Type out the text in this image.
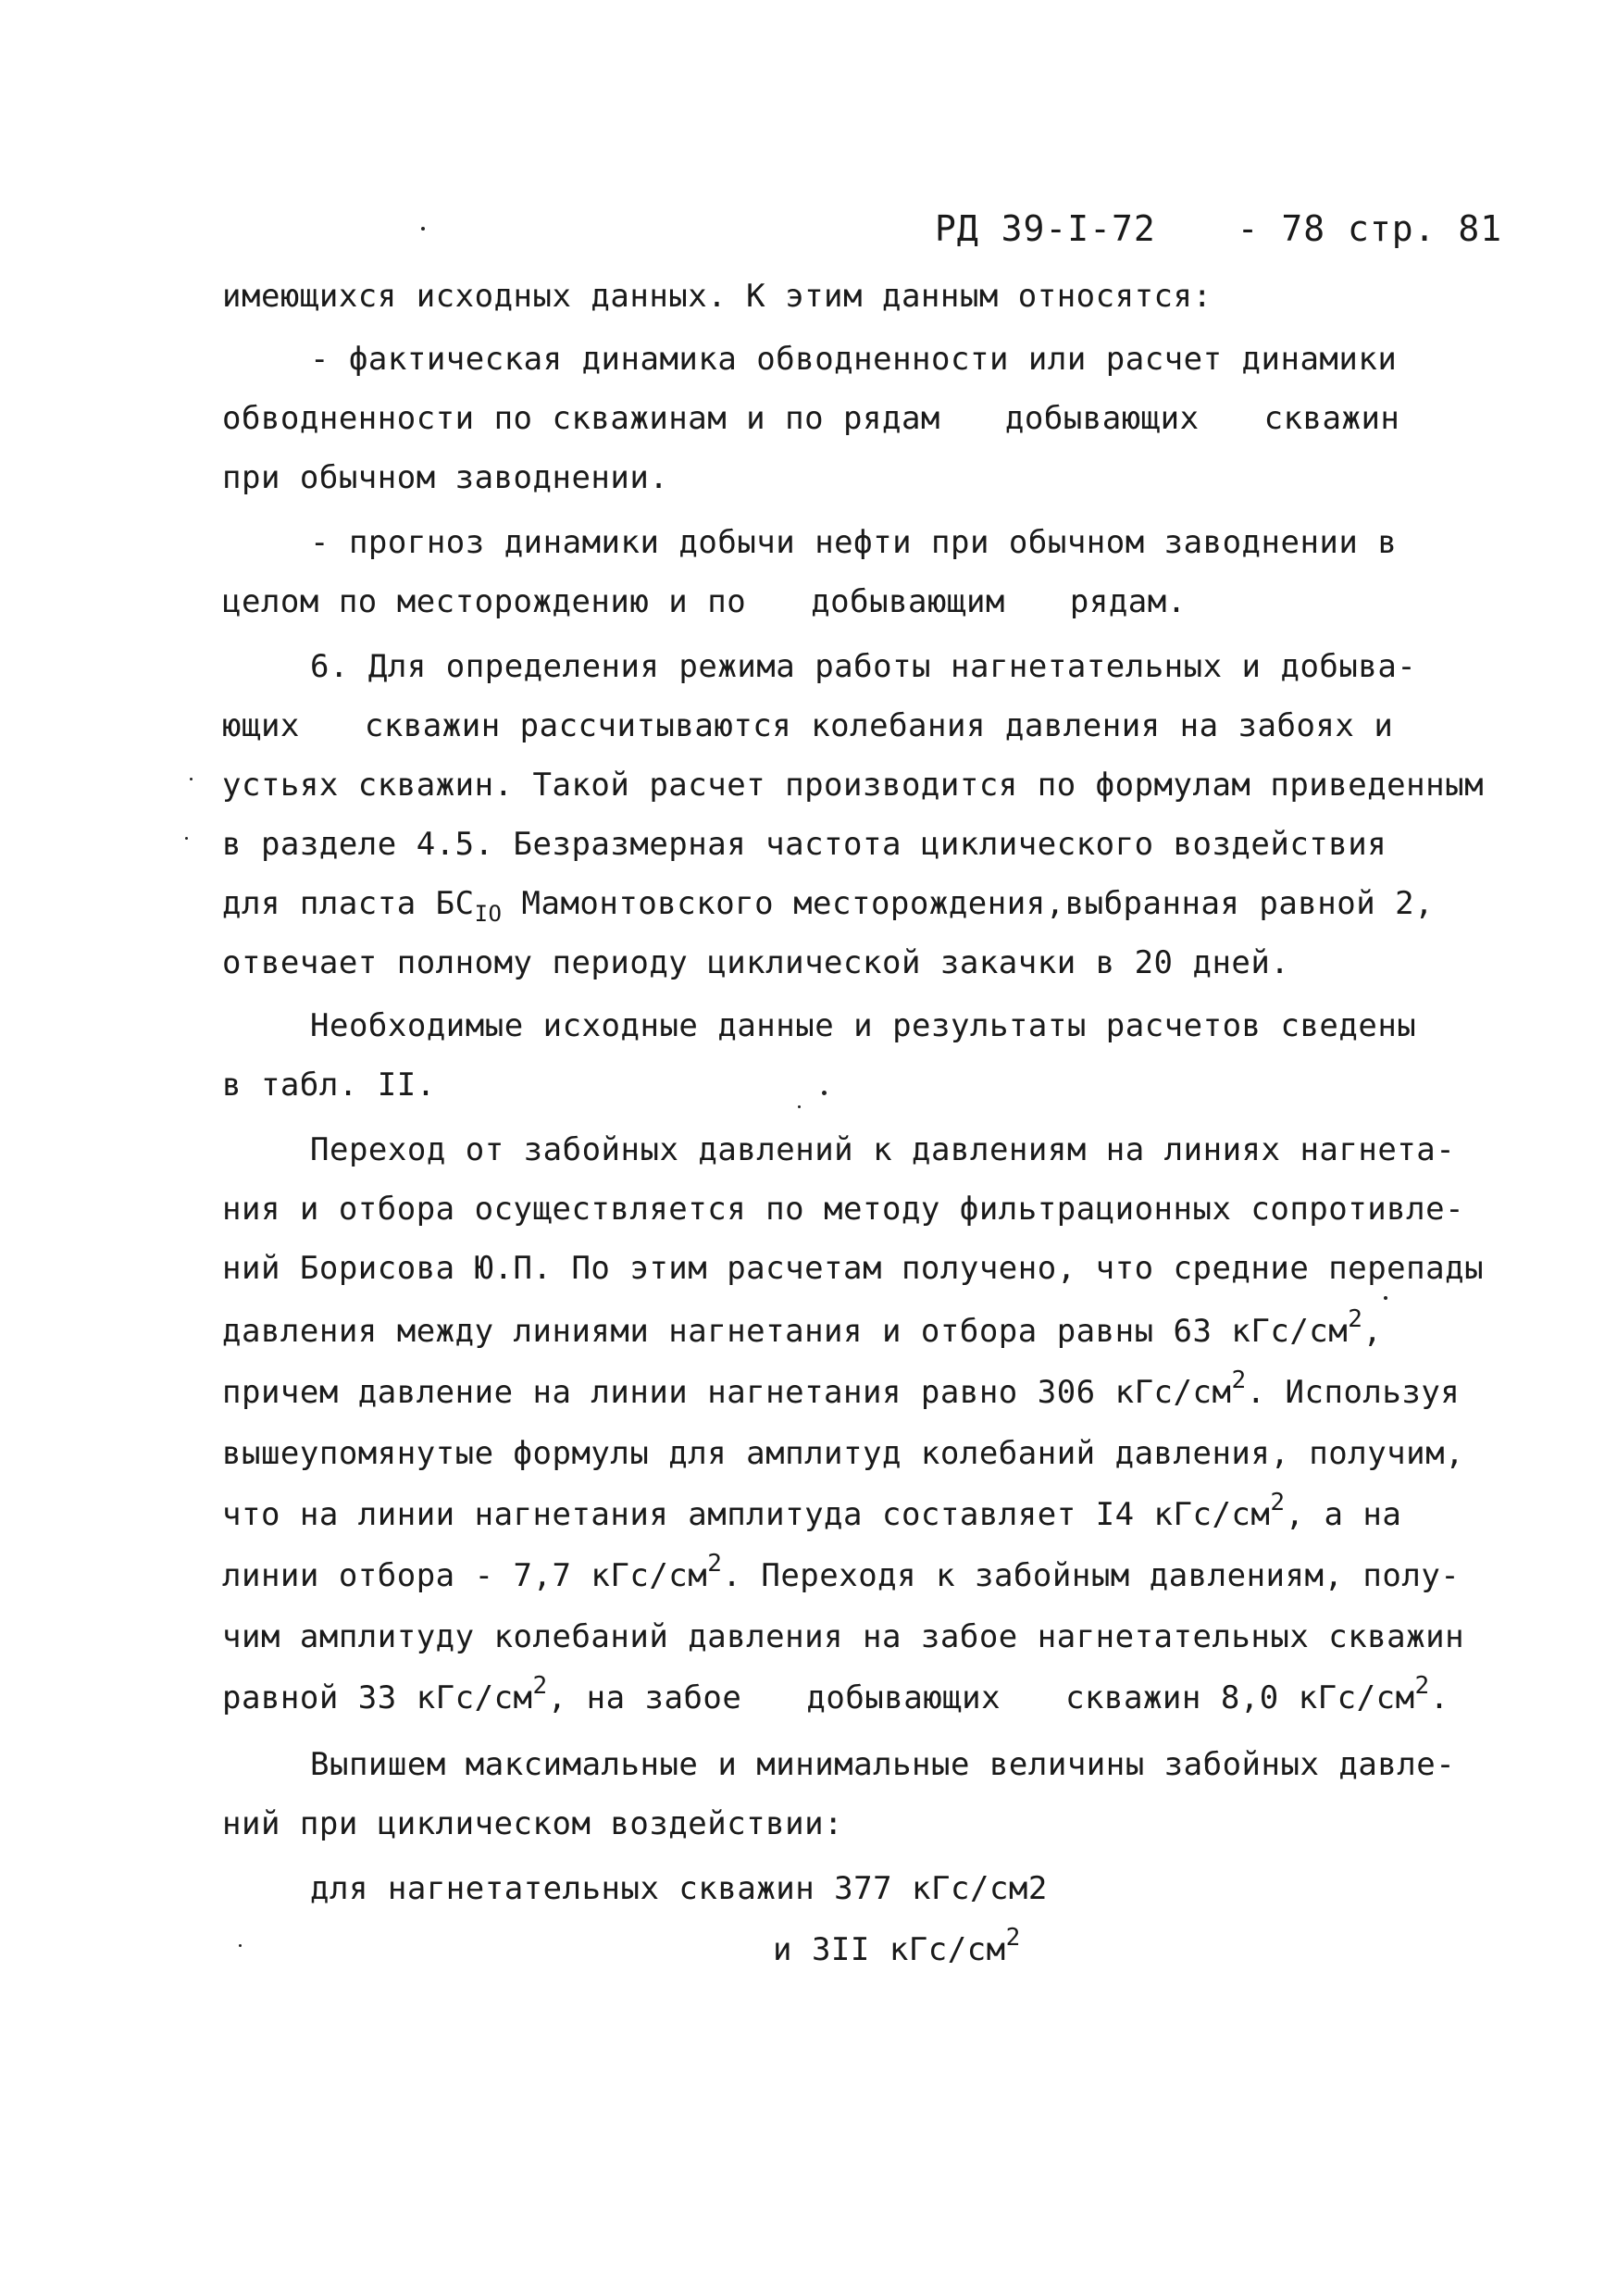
РД 39-I-72 - 78 стр. 81
имеющихся исходных данных. К этим данным относятся:
- фактическая динамика обводненности или расчет динамики
обводненности по скважинам и по рядам добывающих скважин
при обычном заводнении.
- прогноз динамики добычи нефти при обычном заводнении в
целом по месторождению и по добывающим рядам.
6. Для определения режима работы нагнетательных и добыва-
ющих скважин рассчитываются колебания давления на забоях и
устьях скважин. Такой расчет производится по формулам приведенным
в разделе 4.5. Безразмерная частота циклического воздействия
для пласта $БС_{IO}$ Мамонтовского месторождения,выбранная равной 2,
отвечает полному периоду циклической закачки в 20 дней.
Необходимые исходные данные и результаты расчетов сведены
в табл. II.
Переход от забойных давлений к давлениям на линиях нагнета-
ния и отбора осуществляется по методу фильтрационных сопротивле-
ний Борисова Ю.П. По этим расчетам получено, что средние перепады
давления между линиями нагнетания и отбора равны 63 кГс/$см^2$,
причем давление на линии нагнетания равно 306 кГс/$см^2$. Используя
вышеупомянутые формулы для амплитуд колебаний давления, получим,
что на линии нагнетания амплитуда составляет I4 кГс/$см^2$, а на
линии отбора - 7,7 кГс/$см^2$. Переходя к забойным давлениям, полу-
чим амплитуду колебаний давления на забое нагнетательных скважин
равной 33 кГс/$см^2$, на забое добывающих скважин 8,0 кГс/$см^2$.
Выпишем максимальные и минимальные величины забойных давле-
ний при циклическом воздействии:
для нагнетательных скважин 377 кГс/см2
и 3II кГс/$см^2$
